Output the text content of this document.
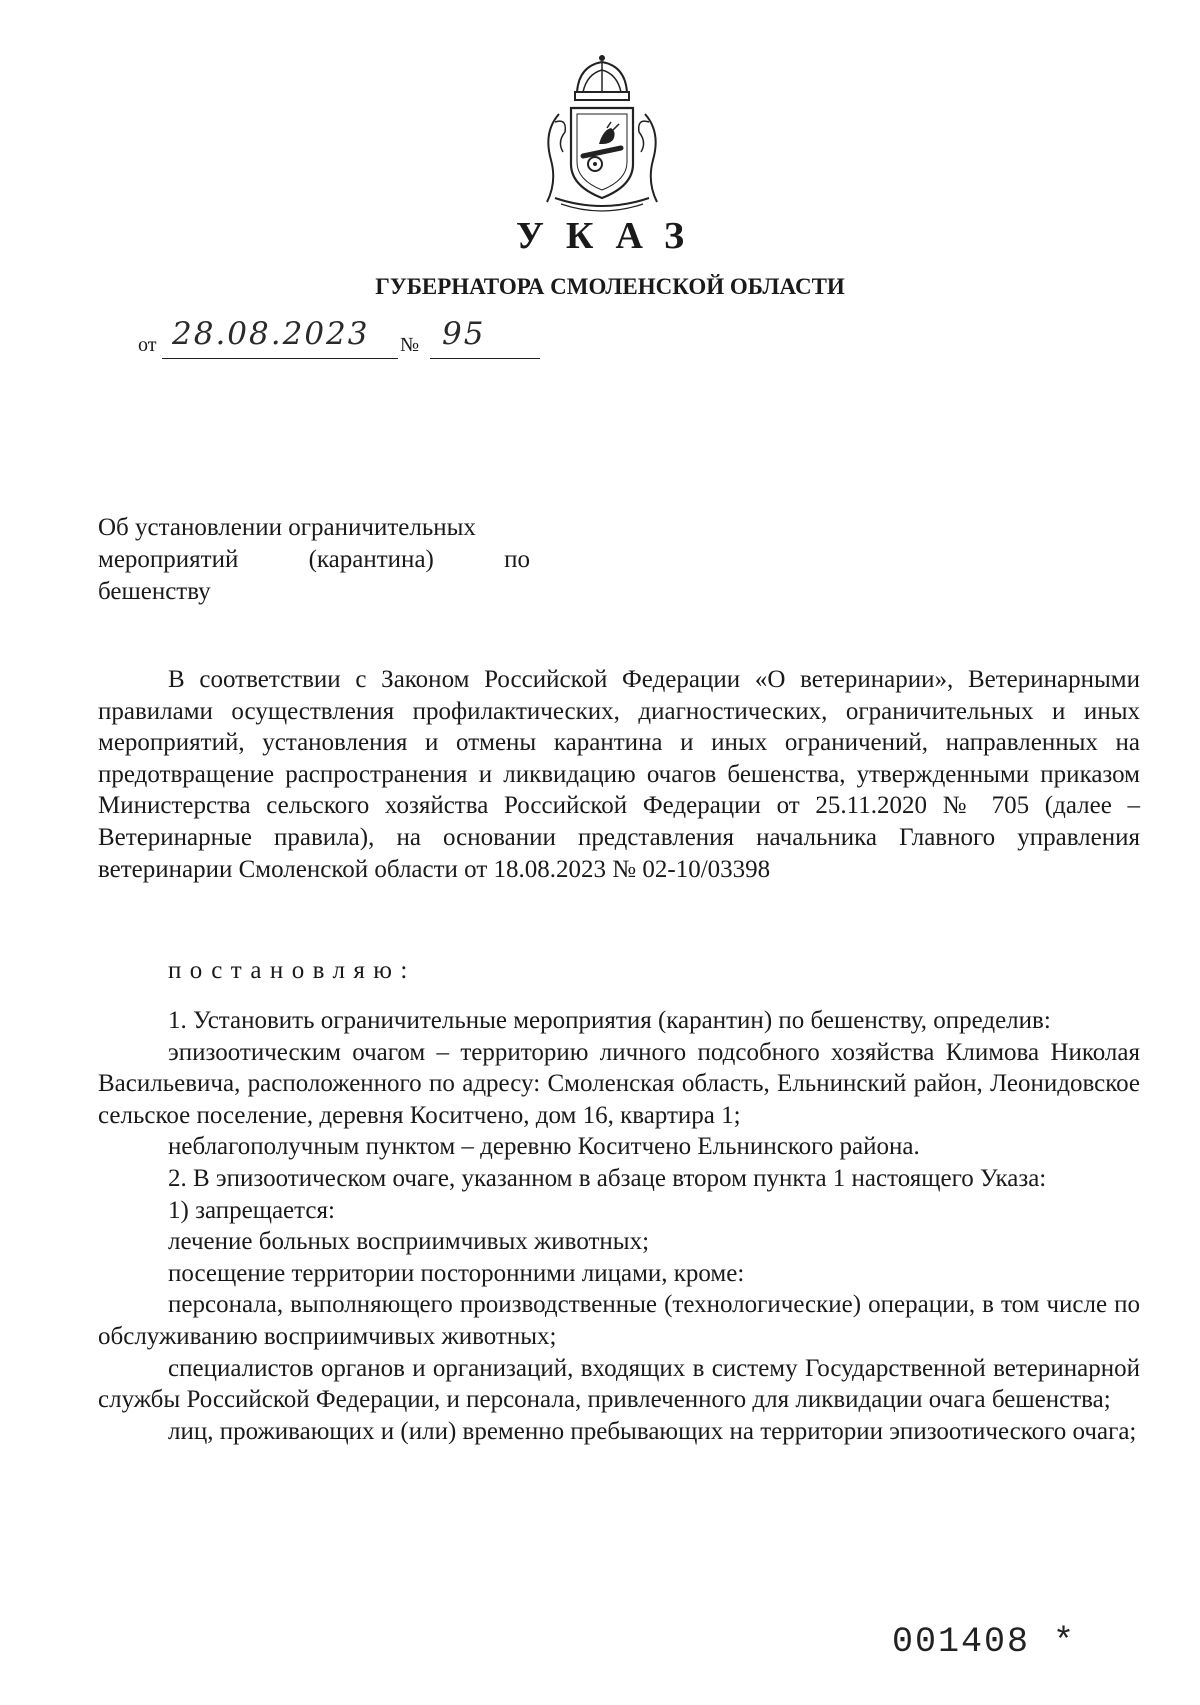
УКАЗ
ГУБЕРНАТОРА СМОЛЕНСКОЙ ОБЛАСТИ
от 28.08.2023 № 95
Об установлении ограничительных
мероприятий	(карантина)	по
бешенству

В соответствии с Законом Российской Федерации «О ветеринарии», Ветеринарными правилами осуществления профилактических, диагностических, ограничительных и иных мероприятий, установления и отмены карантина и иных ограничений, направленных на предотвращение распространения и ликвидацию очагов бешенства, утвержденными приказом Министерства сельского хозяйства Российской Федерации от 25.11.2020 № 705 (далее – Ветеринарные правила), на основании представления начальника Главного управления ветеринарии Смоленской области от 18.08.2023 № 02-10/03398

постановляю:

1. Установить ограничительные мероприятия (карантин) по бешенству, определив:

эпизоотическим очагом – территорию личного подсобного хозяйства Климова Николая Васильевича, расположенного по адресу: Смоленская область, Ельнинский район, Леонидовское сельское поселение, деревня Коситчено, дом 16, квартира 1;

неблагополучным пунктом – деревню Коситчено Ельнинского района.

2. В эпизоотическом очаге, указанном в абзаце втором пункта 1 настоящего Указа:

1) запрещается:

лечение больных восприимчивых животных;

посещение территории посторонними лицами, кроме:

персонала, выполняющего производственные (технологические) операции, в том числе по обслуживанию восприимчивых животных;

специалистов органов и организаций, входящих в систему Государственной ветеринарной службы Российской Федерации, и персонала, привлеченного для ликвидации очага бешенства;

лиц, проживающих и (или) временно пребывающих на территории эпизоотического очага;

001408 *
